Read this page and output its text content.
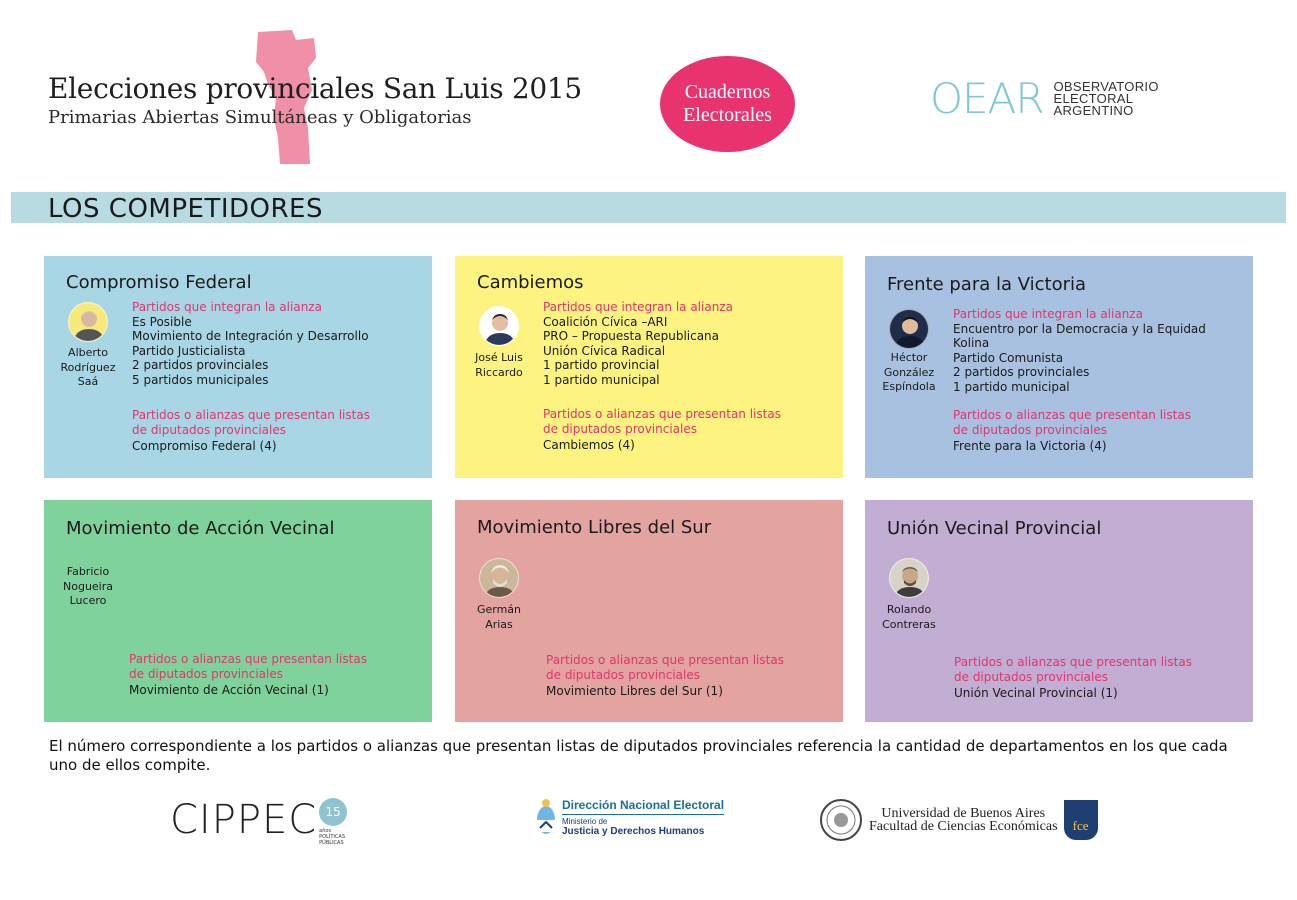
Elecciones provinciales San Luis 2015
Primarias Abiertas Simultáneas y Obligatorias
Cuadernos
Electorales	OEAR OBSERVATORIO
ELECTORAL
ARGENTINO
LOS COMPETIDORES
Compromiso Federal
Alberto
Rodríguez
Saá
Partidos que integran la alianza
Es Posible
Movimiento de Integración y Desarrollo
Partido Justicialista
2 partidos provinciales
5 partidos municipales
Partidos o alianzas que presentan listas
de diputados provinciales
Compromiso Federal (4)
Cambiemos
José Luis
Riccardo
Partidos que integran la alianza
Coalición Cívica –ARI
PRO – Propuesta Republicana
Unión Cívica Radical
1 partido provincial
1 partido municipal
Partidos o alianzas que presentan listas
de diputados provinciales
Cambiemos (4)
Frente para la Victoria
Héctor
González
Espíndola
Partidos que integran la alianza
Encuentro por la Democracia y la Equidad
Kolina
Partido Comunista
2 partidos provinciales
1 partido municipal
Partidos o alianzas que presentan listas
de diputados provinciales
Frente para la Victoria (4)
Movimiento de Acción Vecinal
Fabricio
Nogueira
Lucero
Partidos o alianzas que presentan listas
de diputados provinciales
Movimiento de Acción Vecinal (1)
Movimiento Libres del Sur
Germán
Arias
Partidos o alianzas que presentan listas
de diputados provinciales
Movimiento Libres del Sur (1)
Unión Vecinal Provincial
Rolando
Contreras
Partidos o alianzas que presentan listas
de diputados provinciales
Unión Vecinal Provincial (1)
El número correspondiente a los partidos o alianzas que presentan listas de diputados provinciales referencia la cantidad de departamentos en los que cada uno de ellos compite.
CIPPEC 15
años
POLÍTICAS
PÚBLICAS
Dirección Nacional Electoral
Ministerio de
Justicia y Derechos Humanos
Universidad de Buenos Aires
Facultad de Ciencias Económicas fce
